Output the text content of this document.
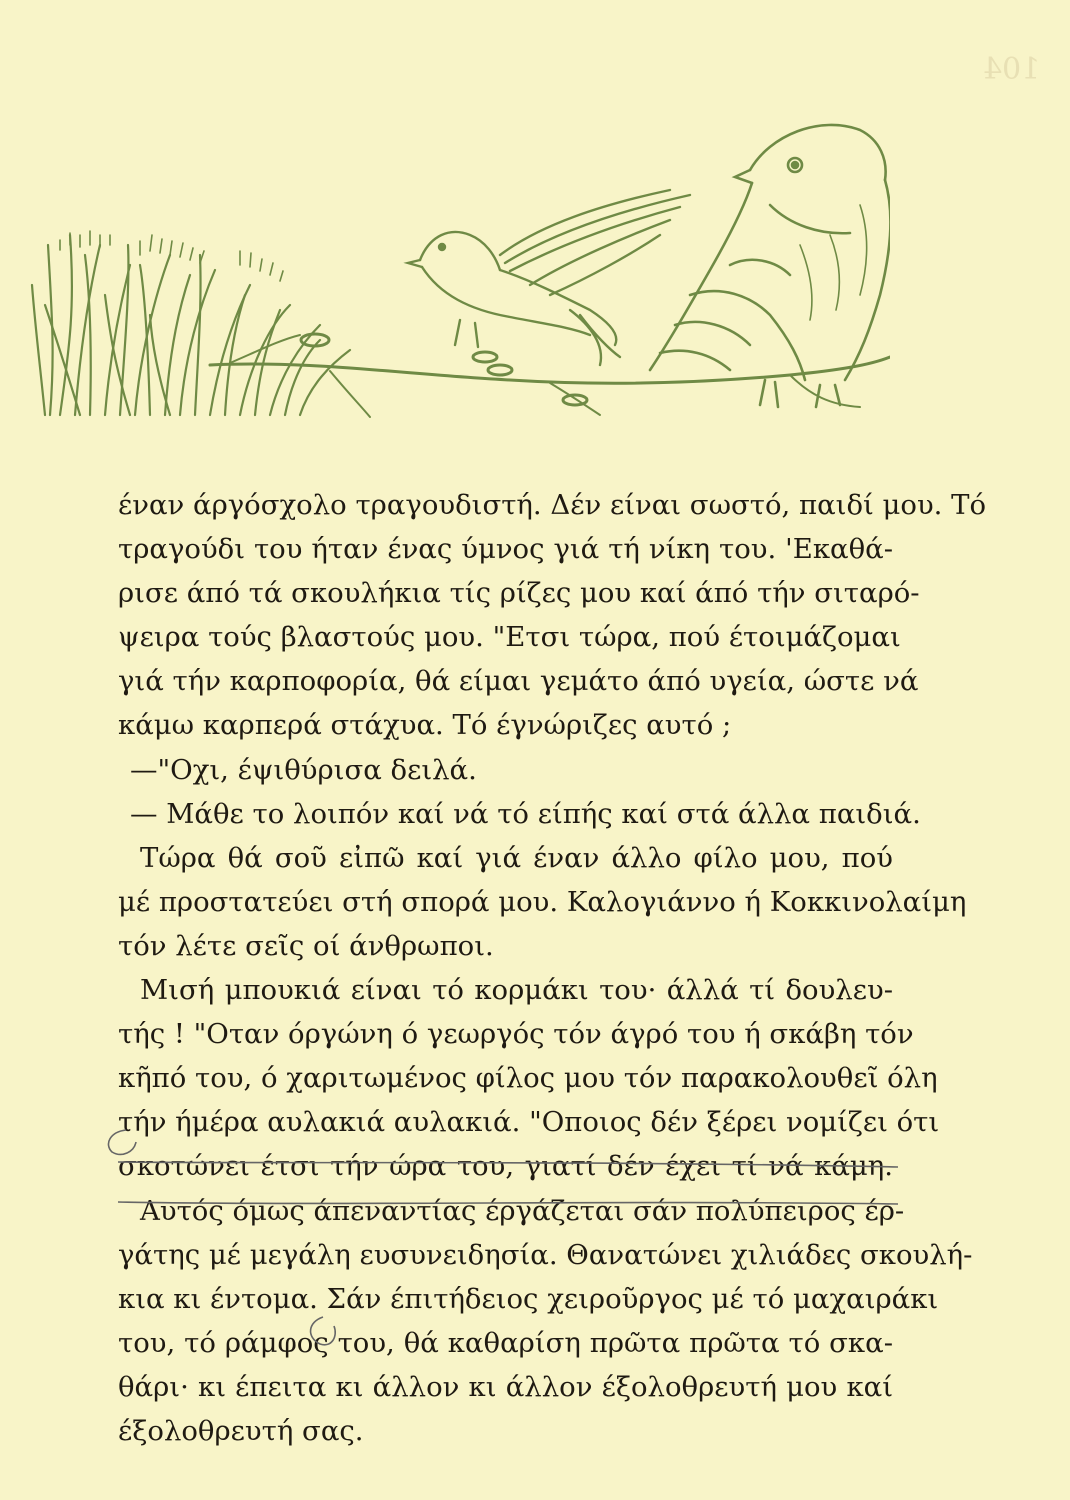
104
έναν άργόσχολο τραγουδιστή. Δέν είναι σωστό, παιδί μου. Τό
τραγούδι του ήταν ένας ύμνος γιά τή νίκη του. 'Εκαθά-
ρισε άπό τά σκουλήκια τίς ρίζες μου καί άπό τήν σιταρό-
ψειρα τούς βλαστούς μου. "Ετσι τώρα, πού έτοιμάζομαι
γιά τήν καρποφορία, θά είμαι γεμάτο άπό υγεία, ώστε νά
κάμω καρπερά στάχυα. Τό έγνώριζες αυτό ;
—"Οχι, έψιθύρισα δειλά.
— Μάθε το λοιπόν καί νά τό είπής καί στά άλλα παιδιά.
Τώρα θά σοῦ εἰπῶ καί γιά έναν άλλο φίλο μου, πού
μέ προστατεύει στή σπορά μου. Καλογιάννο ή Κοκκινολαίμη
τόν λέτε σεῖς οί άνθρωποι.
Μισή μπουκιά είναι τό κορμάκι του· άλλά τί δουλευ-
τής ! "Οταν όργώνη ό γεωργός τόν άγρό του ή σκάβη τόν
κῆπό του, ό χαριτωμένος φίλος μου τόν παρακολουθεῖ όλη
τήν ήμέρα αυλακιά αυλακιά. "Οποιος δέν ξέρει νομίζει ότι
σκοτώνει έτσι τήν ώρα του, γιατί δέν έχει τί νά κάμη.
Αυτός όμως άπεναντίας έργάζεται σάν πολύπειρος έρ-
γάτης μέ μεγάλη ευσυνειδησία. Θανατώνει χιλιάδες σκουλή-
κια κι έντομα. Σάν έπιτήδειος χειροῦργος μέ τό μαχαιράκι
του, τό ράμφος του, θά καθαρίση πρῶτα πρῶτα τό σκα-
θάρι· κι έπειτα κι άλλον κι άλλον έξολοθρευτή μου καί
έξολοθρευτή σας.
